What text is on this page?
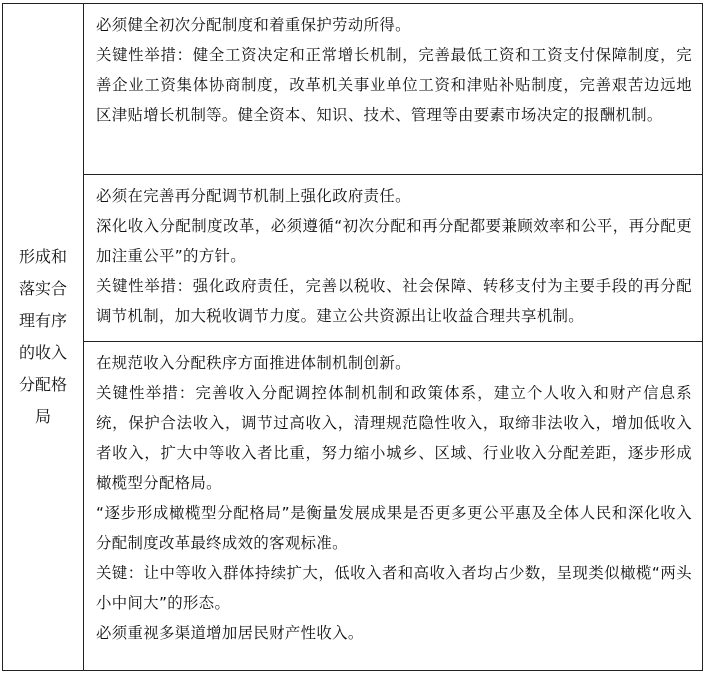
形成和落实合理有序的收入分配格局

必须健全初次分配制度和着重保护劳动所得。

关键性举措：健全工资决定和正常增长机制，完善最低工资和工资支付保障制度，完善企业工资集体协商制度，改革机关事业单位工资和津贴补贴制度，完善艰苦边远地区津贴增长机制等。健全资本、知识、技术、管理等由要素市场决定的报酬机制。

必须在完善再分配调节机制上强化政府责任。

深化收入分配制度改革，必须遵循“初次分配和再分配都要兼顾效率和公平，再分配更加注重公平”的方针。

关键性举措：强化政府责任，完善以税收、社会保障、转移支付为主要手段的再分配调节机制，加大税收调节力度。建立公共资源出让收益合理共享机制。

在规范收入分配秩序方面推进体制机制创新。

关键性举措：完善收入分配调控体制机制和政策体系，建立个人收入和财产信息系统，保护合法收入，调节过高收入，清理规范隐性收入，取缔非法收入，增加低收入者收入，扩大中等收入者比重，努力缩小城乡、区域、行业收入分配差距，逐步形成橄榄型分配格局。

“逐步形成橄榄型分配格局”是衡量发展成果是否更多更公平惠及全体人民和深化收入分配制度改革最终成效的客观标准。

关键：让中等收入群体持续扩大，低收入者和高收入者均占少数，呈现类似橄榄“两头小中间大”的形态。

必须重视多渠道增加居民财产性收入。
